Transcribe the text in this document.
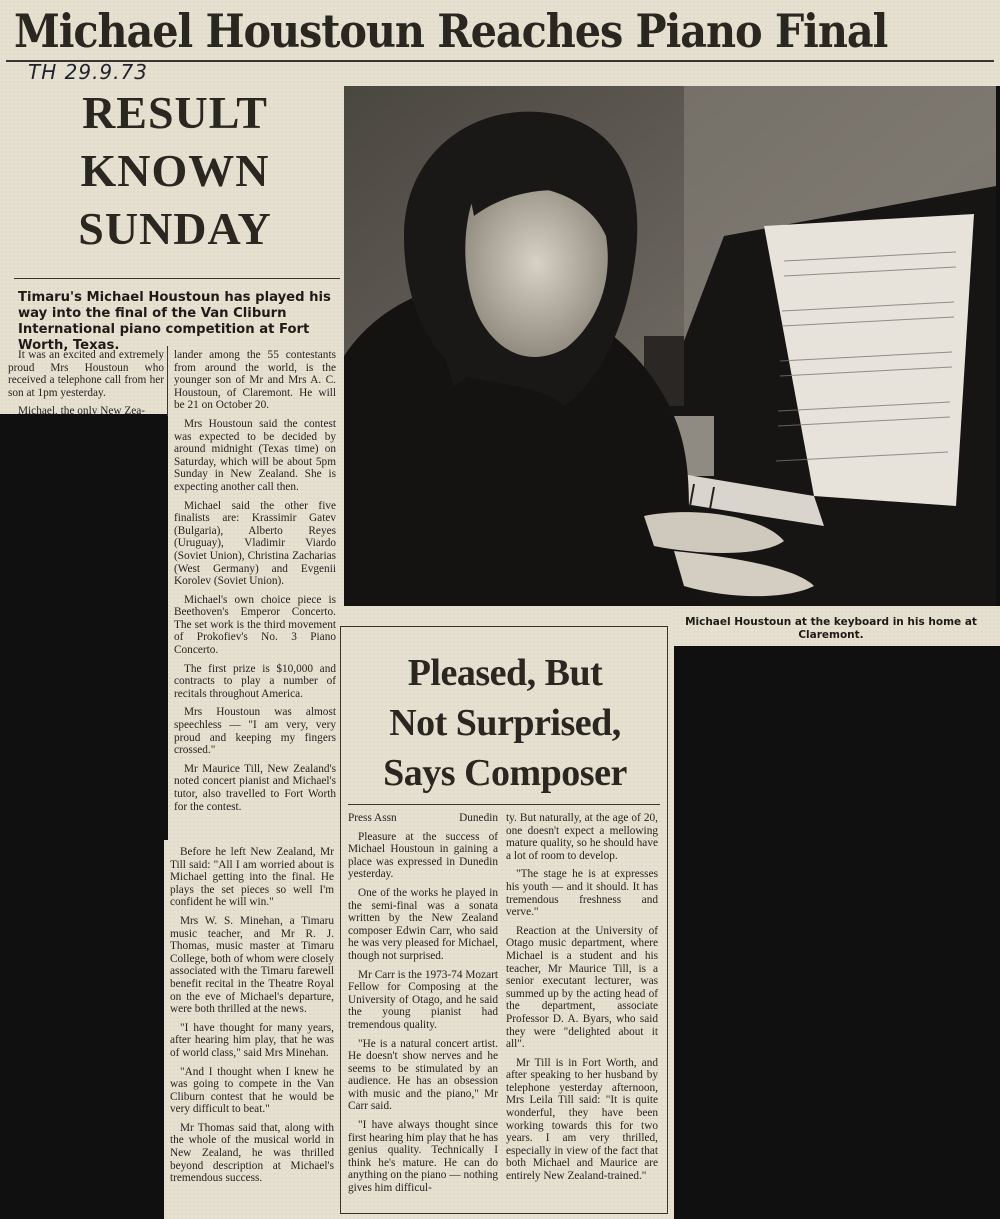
Michael Houstoun Reaches Piano Final
TH 29.9.73
RESULT
KNOWN
SUNDAY
Timaru's Michael Houstoun has played his way into the final of the Van Cliburn International piano competition at Fort Worth, Texas.

It was an excited and extremely proud Mrs Houstoun who received a telephone call from her son at 1pm yesterday.

Michael, the only New Zea-

lander among the 55 contestants from around the world, is the younger son of Mr and Mrs A. C. Houstoun, of Claremont. He will be 21 on October 20.

Mrs Houstoun said the contest was expected to be decided by around midnight (Texas time) on Saturday, which will be about 5pm Sunday in New Zealand. She is expecting another call then.

Michael said the other five finalists are: Krassimir Gatev (Bulgaria), Alberto Reyes (Uruguay), Vladimir Viardo (Soviet Union), Christina Zacharias (West Germany) and Evgenii Korolev (Soviet Union).

Michael's own choice piece is Beethoven's Emperor Concerto. The set work is the third movement of Prokofiev's No. 3 Piano Concerto.

The first prize is $10,000 and contracts to play a number of recitals throughout America.

Mrs Houstoun was almost speechless — "I am very, very proud and keeping my fingers crossed."

Mr Maurice Till, New Zealand's noted concert pianist and Michael's tutor, also travelled to Fort Worth for the contest.

Before he left New Zealand, Mr Till said: "All I am worried about is Michael getting into the final. He plays the set pieces so well I'm confident he will win."

Mrs W. S. Minehan, a Timaru music teacher, and Mr R. J. Thomas, music master at Timaru College, both of whom were closely associated with the Timaru farewell benefit recital in the Theatre Royal on the eve of Michael's departure, were both thrilled at the news.

"I have thought for many years, after hearing him play, that he was of world class," said Mrs Minehan.

"And I thought when I knew he was going to compete in the Van Cliburn contest that he would be very difficult to beat."

Mr Thomas said that, along with the whole of the musical world in New Zealand, he was thrilled beyond description at Michael's tremendous success.

Michael Houstoun at the keyboard in his home at Claremont.
Pleased, But
Not Surprised,
Says Composer

Press Assn	Dunedin

Pleasure at the success of Michael Houstoun in gaining a place was expressed in Dunedin yesterday.

One of the works he played in the semi-final was a sonata written by the New Zealand composer Edwin Carr, who said he was very pleased for Michael, though not surprised.

Mr Carr is the 1973-74 Mozart Fellow for Composing at the University of Otago, and he said the young pianist had tremendous quality.

"He is a natural concert artist. He doesn't show nerves and he seems to be stimulated by an audience. He has an obsession with music and the piano," Mr Carr said.

"I have always thought since first hearing him play that he has genius quality. Technically I think he's mature. He can do anything on the piano — nothing gives him difficul-

ty. But naturally, at the age of 20, one doesn't expect a mellowing mature quality, so he should have a lot of room to develop.

"The stage he is at expresses his youth — and it should. It has tremendous freshness and verve."

Reaction at the University of Otago music department, where Michael is a student and his teacher, Mr Maurice Till, is a senior executant lecturer, was summed up by the acting head of the department, associate Professor D. A. Byars, who said they were "delighted about it all".

Mr Till is in Fort Worth, and after speaking to her husband by telephone yesterday afternoon, Mrs Leila Till said: "It is quite wonderful, they have been working towards this for two years. I am very thrilled, especially in view of the fact that both Michael and Maurice are entirely New Zealand-trained."
